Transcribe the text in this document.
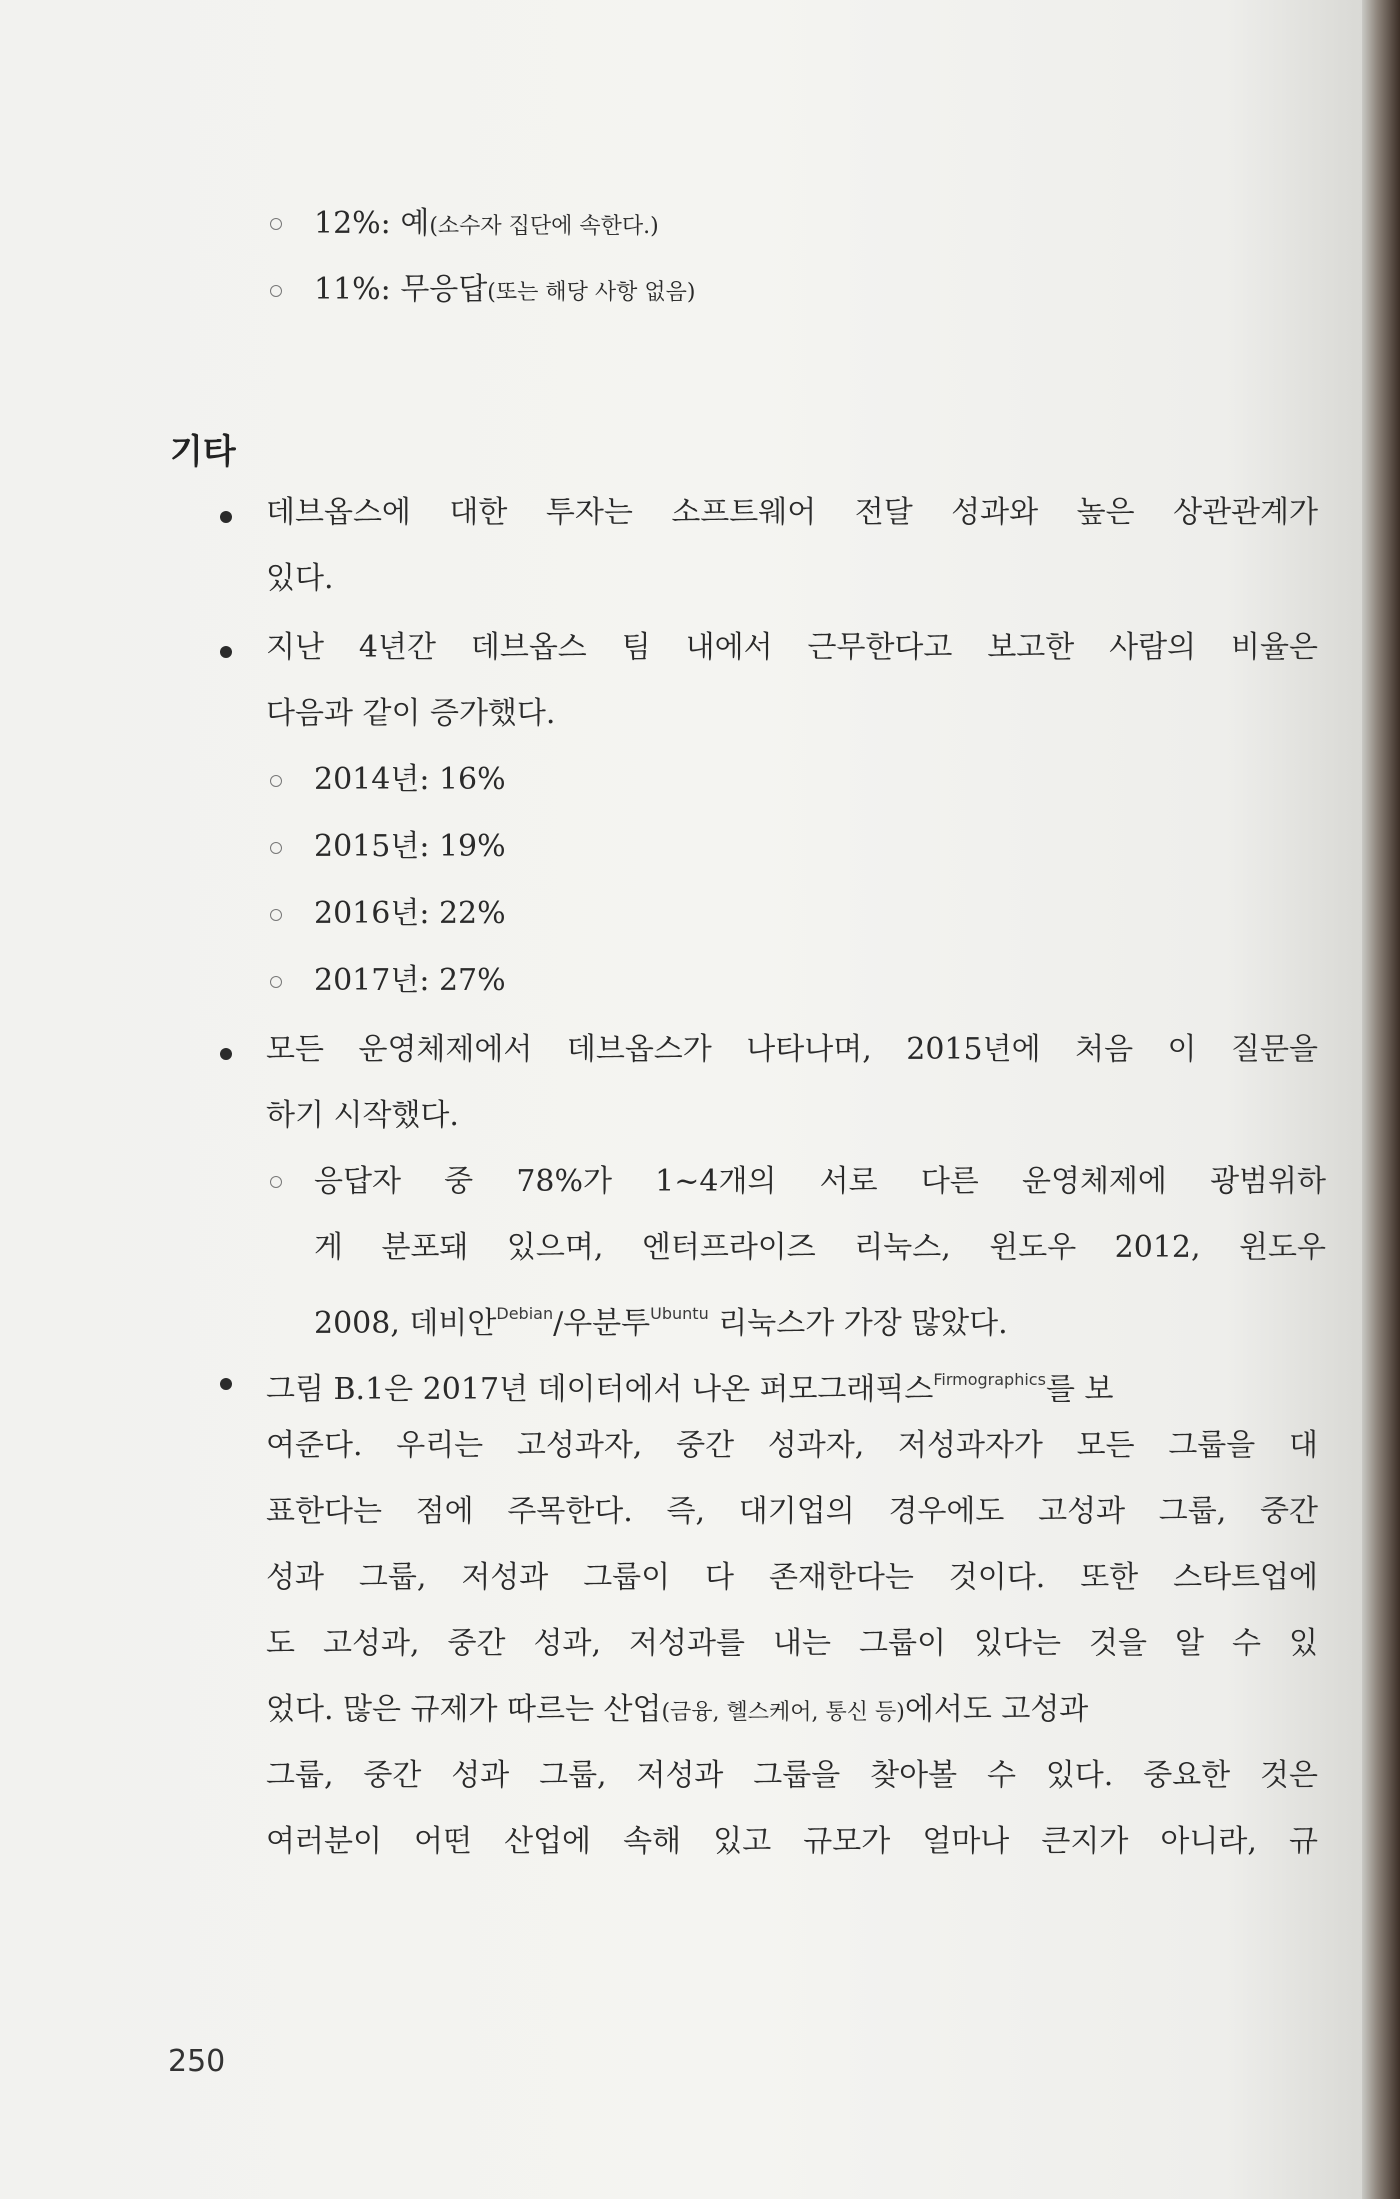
12%: 예(소수자 집단에 속한다.)
11%: 무응답(또는 해당 사항 없음)
기타
데브옵스에 대한 투자는 소프트웨어 전달 성과와 높은 상관관계가
있다.
지난 4년간 데브옵스 팀 내에서 근무한다고 보고한 사람의 비율은
다음과 같이 증가했다.
2014년: 16%
2015년: 19%
2016년: 22%
2017년: 27%
모든 운영체제에서 데브옵스가 나타나며, 2015년에 처음 이 질문을
하기 시작했다.
응답자 중 78%가 1~4개의 서로 다른 운영체제에 광범위하
게 분포돼 있으며, 엔터프라이즈 리눅스, 윈도우 2012, 윈도우
2008, 데비안$^{Debian}$/우분투$^{Ubuntu}$ 리눅스가 가장 많았다.
그림 B.1은 2017년 데이터에서 나온 퍼모그래픽스$^{Firmographics}$를 보
여준다. 우리는 고성과자, 중간 성과자, 저성과자가 모든 그룹을 대
표한다는 점에 주목한다. 즉, 대기업의 경우에도 고성과 그룹, 중간
성과 그룹, 저성과 그룹이 다 존재한다는 것이다. 또한 스타트업에
도 고성과, 중간 성과, 저성과를 내는 그룹이 있다는 것을 알 수 있
었다. 많은 규제가 따르는 산업(금융, 헬스케어, 통신 등)에서도 고성과
그룹, 중간 성과 그룹, 저성과 그룹을 찾아볼 수 있다. 중요한 것은
여러분이 어떤 산업에 속해 있고 규모가 얼마나 큰지가 아니라, 규
250
